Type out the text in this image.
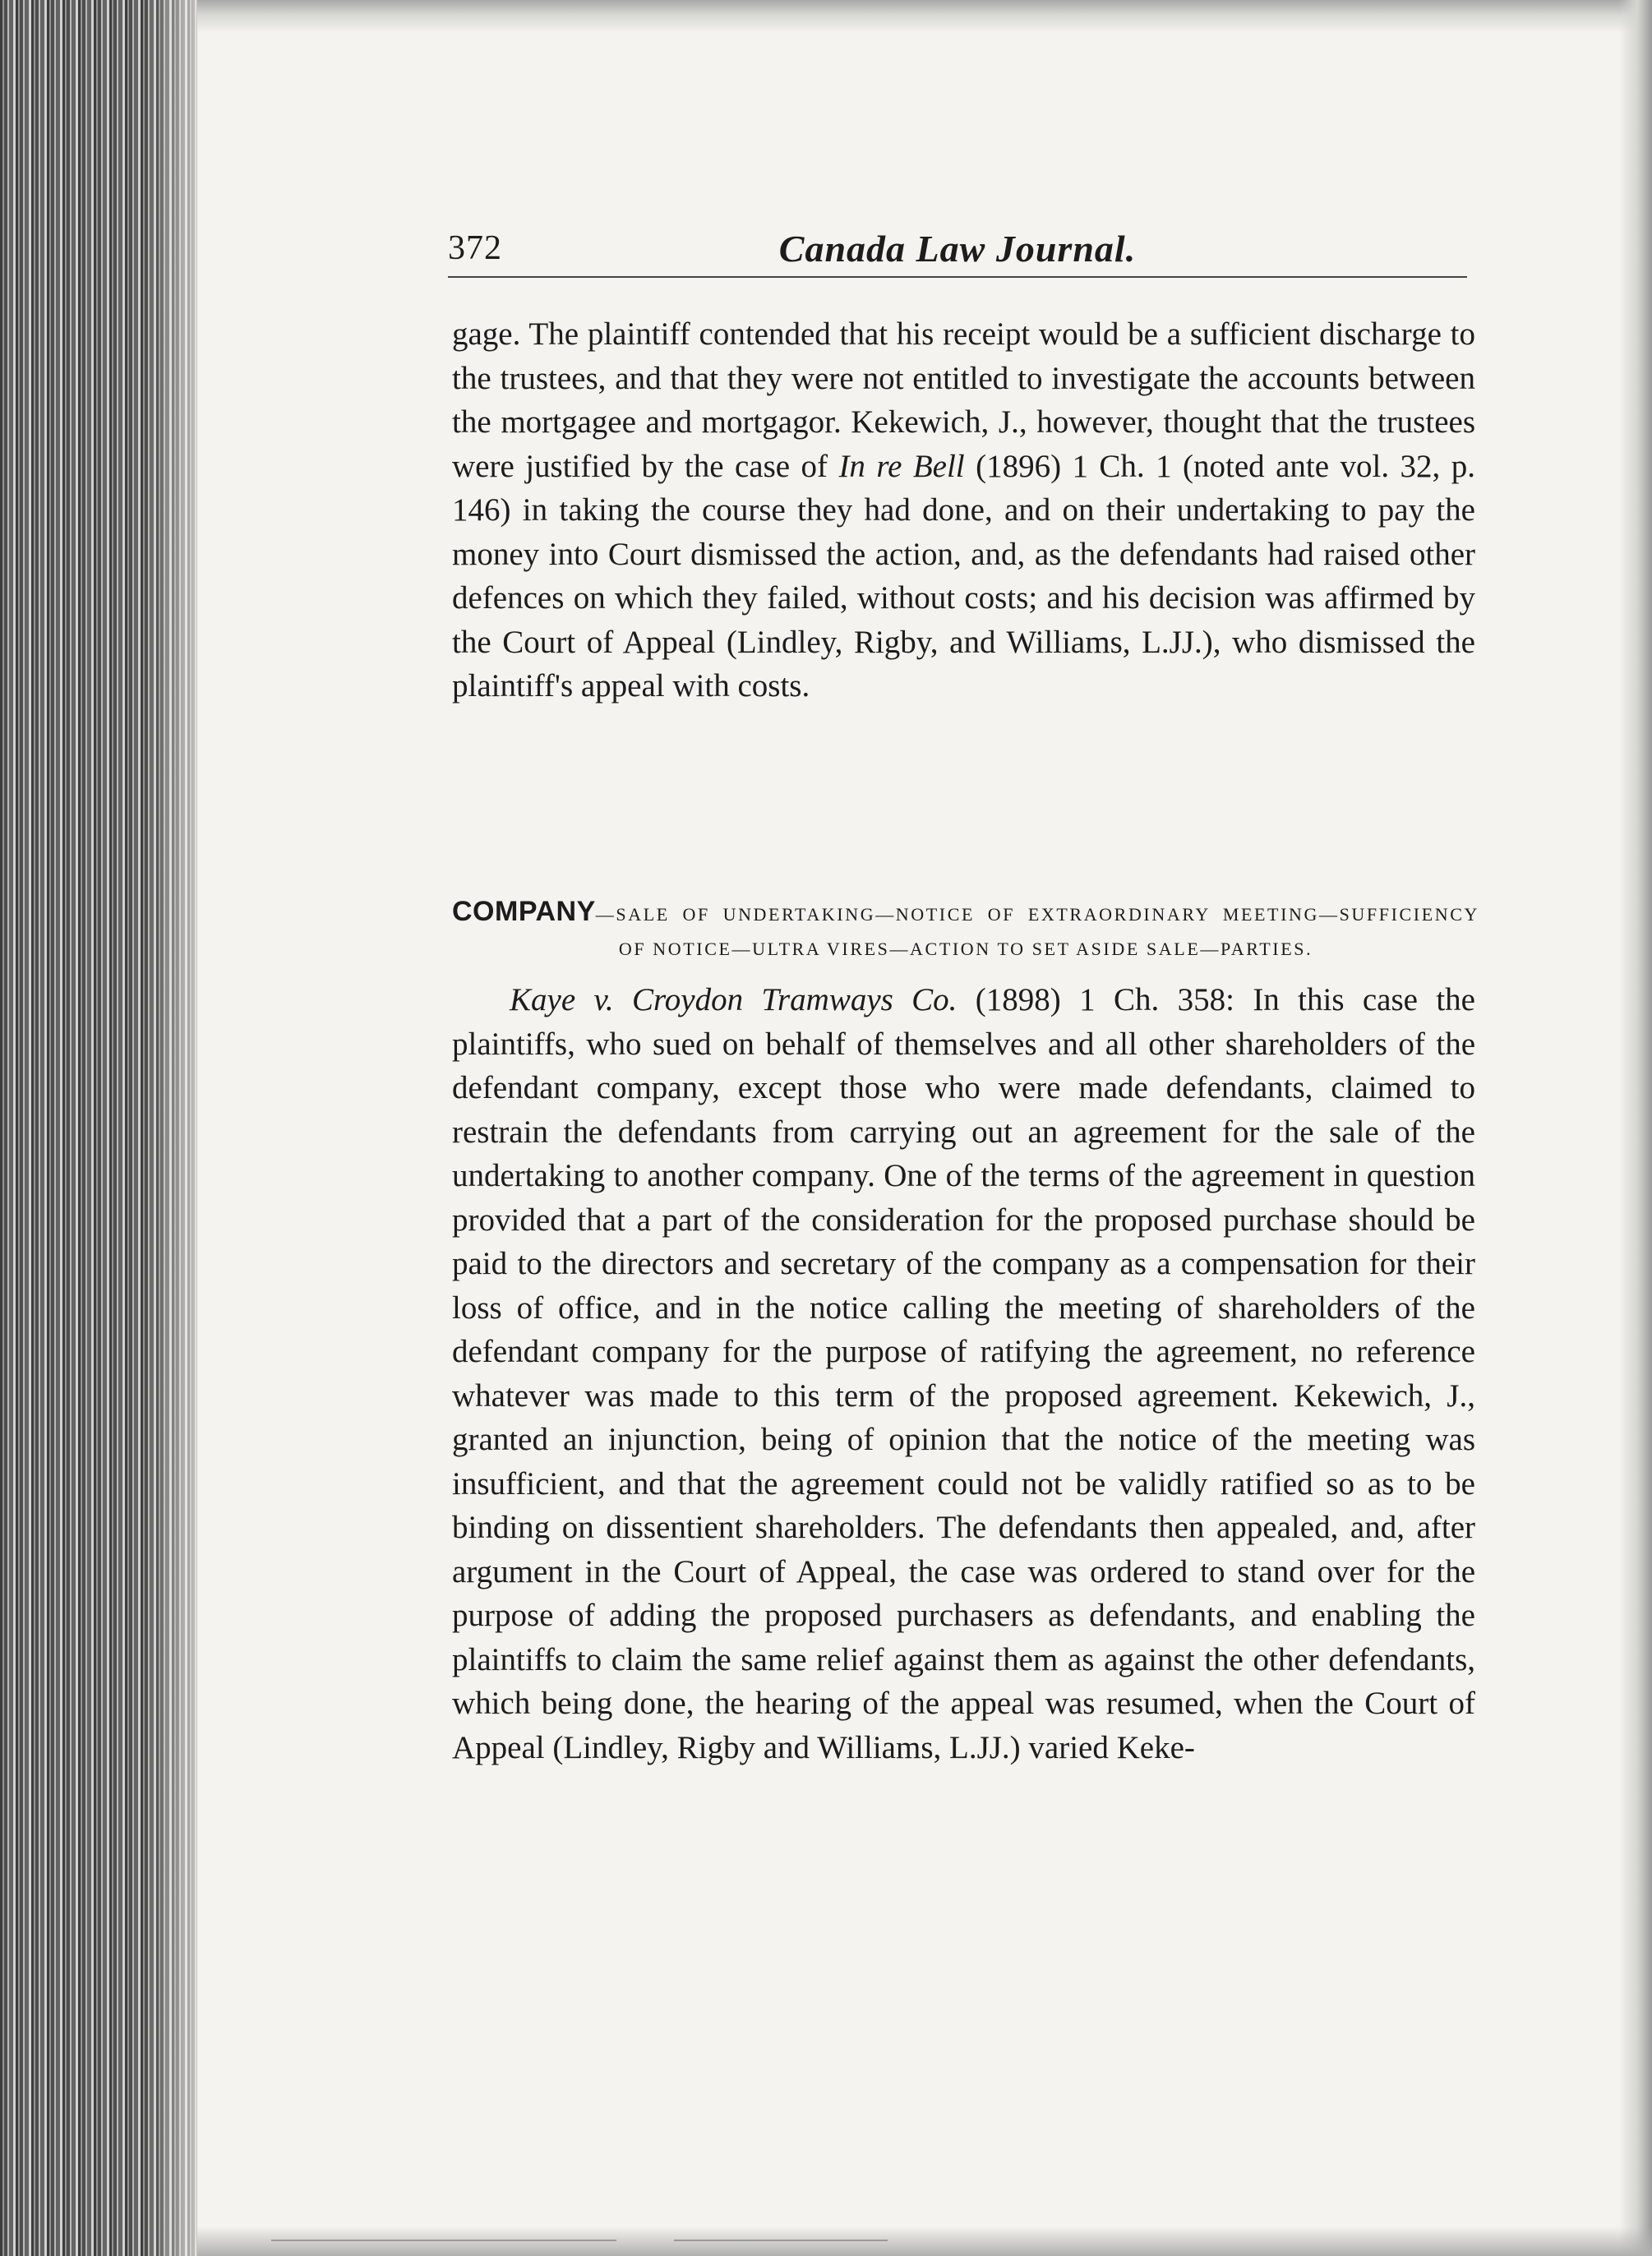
372	Canada Law Journal.

gage. The plaintiff contended that his receipt would be a sufficient discharge to the trustees, and that they were not entitled to investigate the accounts between the mortgagee and mortgagor. Kekewich, J., however, thought that the trustees were justified by the case of In re Bell (1896) 1 Ch. 1 (noted ante vol. 32, p. 146) in taking the course they had done, and on their undertaking to pay the money into Court dismissed the action, and, as the defendants had raised other defences on which they failed, without costs; and his decision was affirmed by the Court of Appeal (Lindley, Rigby, and Williams, L.JJ.), who dismissed the plaintiff's appeal with costs.

COMPANY—SALE OF UNDERTAKING—NOTICE OF EXTRAORDINARY MEETING—SUFFICIENCY OF NOTICE—ULTRA VIRES—ACTION TO SET ASIDE SALE—PARTIES.

Kaye v. Croydon Tramways Co. (1898) 1 Ch. 358: In this case the plaintiffs, who sued on behalf of themselves and all other shareholders of the defendant company, except those who were made defendants, claimed to restrain the defendants from carrying out an agreement for the sale of the undertaking to another company. One of the terms of the agreement in question provided that a part of the consideration for the proposed purchase should be paid to the directors and secretary of the company as a compensation for their loss of office, and in the notice calling the meeting of shareholders of the defendant company for the purpose of ratifying the agreement, no reference whatever was made to this term of the proposed agreement. Kekewich, J., granted an injunction, being of opinion that the notice of the meeting was insufficient, and that the agreement could not be validly ratified so as to be binding on dissentient shareholders. The defendants then appealed, and, after argument in the Court of Appeal, the case was ordered to stand over for the purpose of adding the proposed purchasers as defendants, and enabling the plaintiffs to claim the same relief against them as against the other defendants, which being done, the hearing of the appeal was resumed, when the Court of Appeal (Lindley, Rigby and Williams, L.JJ.) varied Keke-
